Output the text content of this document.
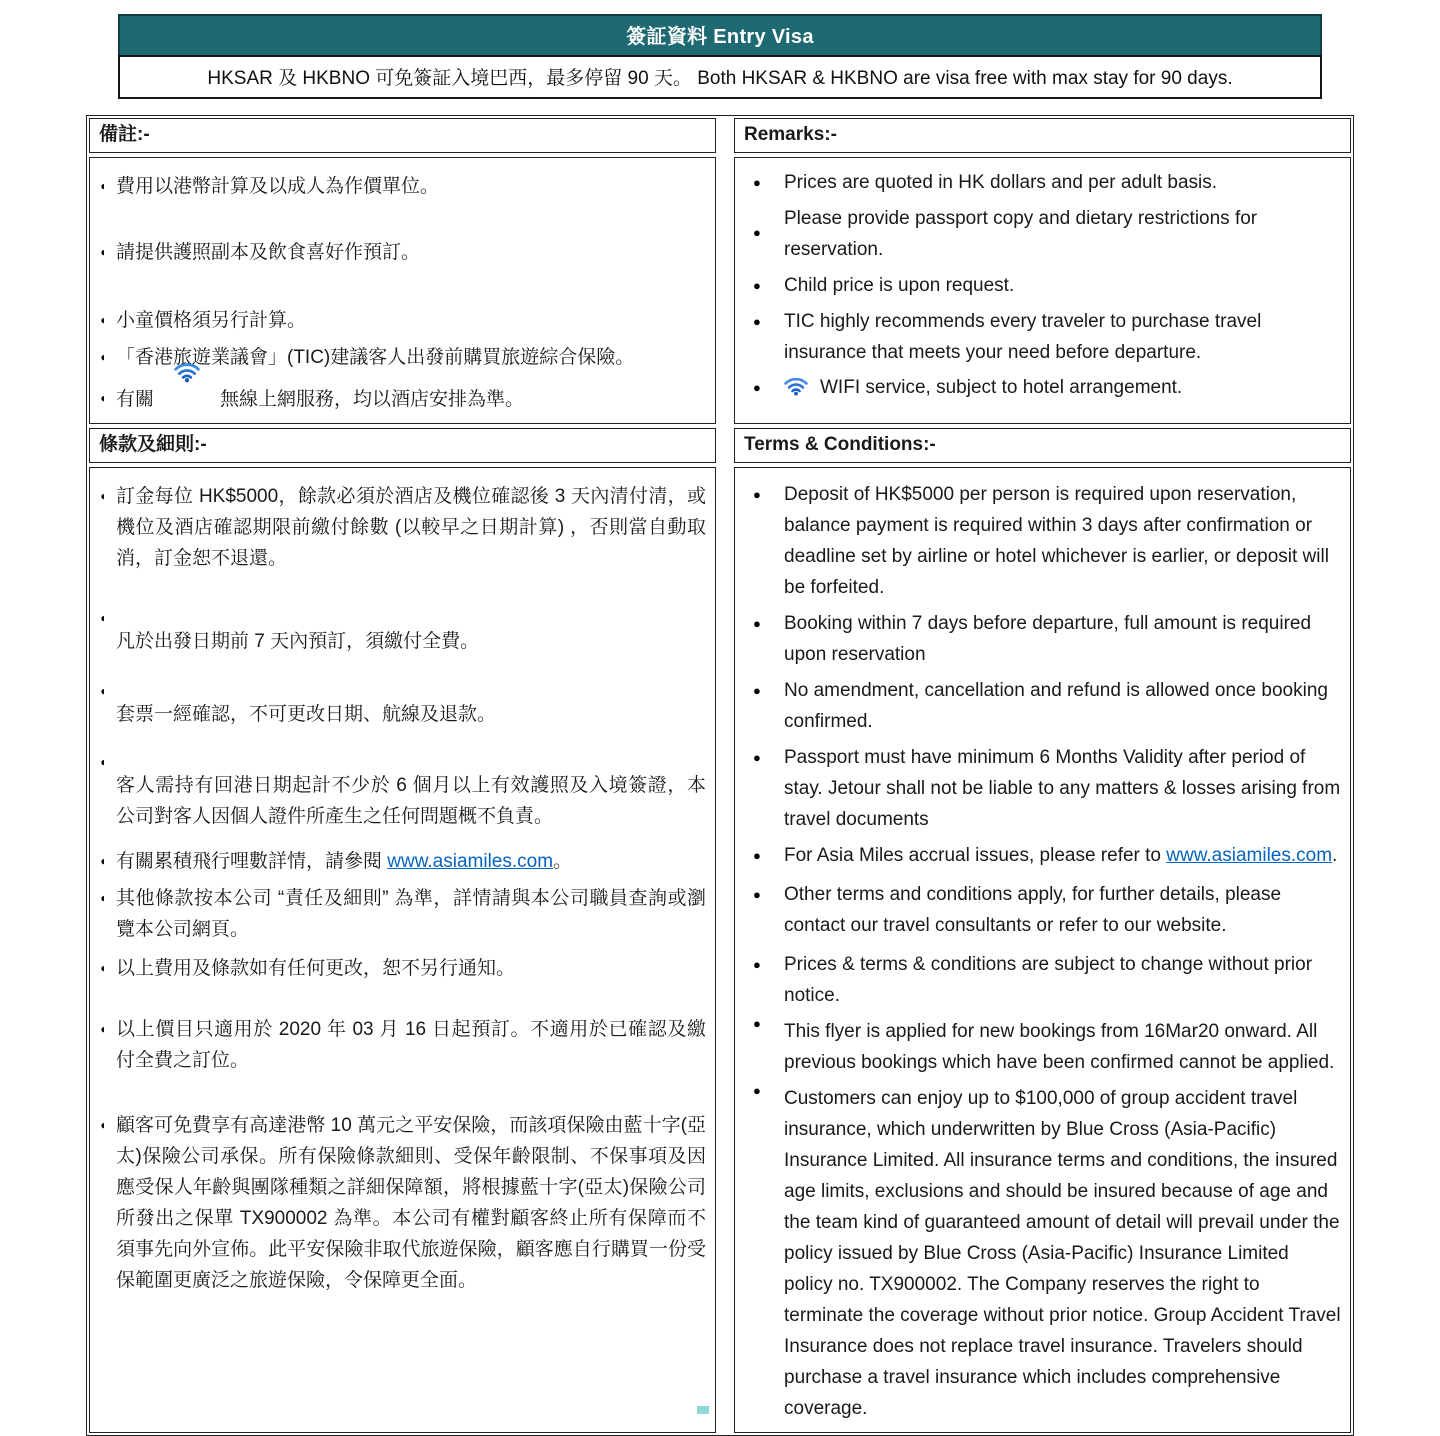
簽証資料 Entry Visa
HKSAR 及 HKBNO 可免簽証入境巴西，最多停留 90 天。 Both HKSAR & HKBNO are visa free with max stay for 90 days.
備註:-	Remarks:-
◖ 費用以港幣計算及以成人為作價單位。
◖ 請提供護照副本及飲食喜好作預訂。
◖ 小童價格須另行計算。
◖ 「香港旅遊業議會」(TIC)建議客人出發前購買旅遊綜合保險。
◖ 有關	無線上網服務，均以酒店安排為準。
● Prices are quoted in HK dollars and per adult basis.
●
Please provide passport copy and dietary restrictions for reservation.
● Child price is upon request.
● TIC highly recommends every traveler to purchase travel insurance that meets your need before departure.
●	WIFI service, subject to hotel arrangement.
條款及細則:-	Terms & Conditions:-
◖ 訂金每位 HK$5000，餘款必須於酒店及機位確認後 3 天內清付清，或機位及酒店確認期限前繳付餘數 (以較早之日期計算) ，否則當自動取消，訂金恕不退還。
◖
凡於出發日期前 7 天內預訂，須繳付全費。
◖
套票一經確認，不可更改日期、航線及退款。
◖
客人需持有回港日期起計不少於 6 個月以上有效護照及入境簽證，本公司對客人因個人證件所產生之任何問題概不負責。
◖ 有關累積飛行哩數詳情，請參閱 www.asiamiles.com。
◖ 其他條款按本公司 “責任及細則” 為準，詳情請與本公司職員查詢或瀏覽本公司網頁。
◖ 以上費用及條款如有任何更改，恕不另行通知。
◖ 以上價目只適用於 2020 年 03 月 16 日起預訂。不適用於已確認及繳付全費之訂位。
◖ 顧客可免費享有高達港幣 10 萬元之平安保險，而該項保險由藍十字(亞太)保險公司承保。所有保險條款細則、受保年齡限制、不保事項及因應受保人年齡與團隊種類之詳細保障額，將根據藍十字(亞太)保險公司所發出之保單 TX900002 為準。本公司有權對顧客終止所有保障而不須事先向外宣佈。此平安保險非取代旅遊保險，顧客應自行購買一份受保範圍更廣泛之旅遊保險，令保障更全面。
● Deposit of HK$5000 per person is required upon reservation, balance payment is required within 3 days after confirmation or deadline set by airline or hotel whichever is earlier, or deposit will be forfeited.
● Booking within 7 days before departure, full amount is required upon reservation
● No amendment, cancellation and refund is allowed once booking confirmed.
● Passport must have minimum 6 Months Validity after period of stay. Jetour shall not be liable to any matters & losses arising from travel documents
● For Asia Miles accrual issues, please refer to www.asiamiles.com.
● Other terms and conditions apply, for further details, please contact our travel consultants or refer to our website.
● Prices & terms & conditions are subject to change without prior notice.
● This flyer is applied for new bookings from 16Mar20 onward. All previous bookings which have been confirmed cannot be applied.
● Customers can enjoy up to $100,000 of group accident travel insurance, which underwritten by Blue Cross (Asia-Pacific) Insurance Limited. All insurance terms and conditions, the insured age limits, exclusions and should be insured because of age and the team kind of guaranteed amount of detail will prevail under the policy issued by Blue Cross (Asia-Pacific) Insurance Limited policy no. TX900002. The Company reserves the right to terminate the coverage without prior notice. Group Accident Travel Insurance does not replace travel insurance. Travelers should purchase a travel insurance which includes comprehensive coverage.
